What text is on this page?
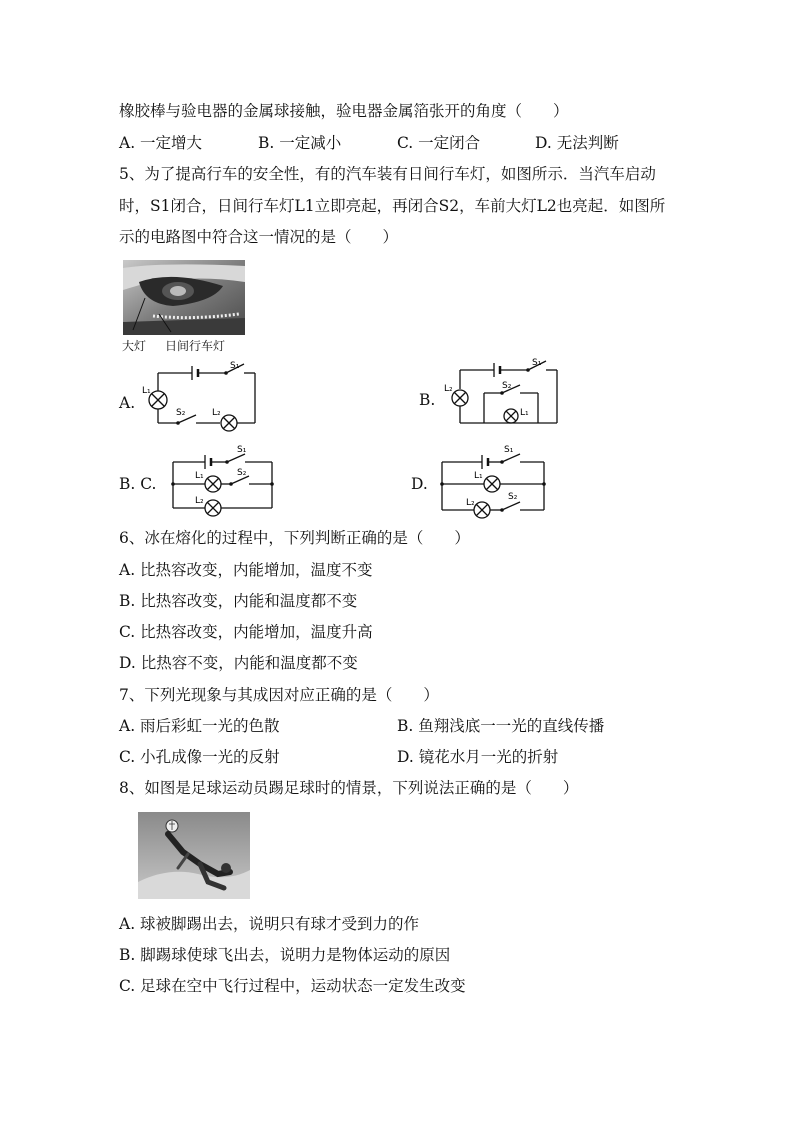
橡胶棒与验电器的金属球接触，验电器金属箔张开的角度（　　）
A. 一定增大	B. 一定减小	C. 一定闭合	D. 无法判断
5、为了提高行车的安全性，有的汽车装有日间行车灯，如图所示．当汽车启动
时，S1闭合，日间行车灯L1立即亮起，再闭合S2，车前大灯L2也亮起．如图所
示的电路图中符合这一情况的是（　　）
大灯 日间行车灯
A.
S₁
L₁
S₂	L₂
B.
S₁
L₂	S₂
L₁
B. C.
S₁
L₁	S₂
L₂
D.
S₁
L₁
L₂
S₂
6、冰在熔化的过程中，下列判断正确的是（　　）
A. 比热容改变，内能增加，温度不变
B. 比热容改变，内能和温度都不变
C. 比热容改变，内能增加，温度升高
D. 比热容不变，内能和温度都不变
7、下列光现象与其成因对应正确的是（　　）
A. 雨后彩虹一光的色散	B. 鱼翔浅底一一光的直线传播
C. 小孔成像一光的反射	D. 镜花水月一光的折射
8、如图是足球运动员踢足球时的情景，下列说法正确的是（　　）
A. 球被脚踢出去，说明只有球才受到力的作
B. 脚踢球使球飞出去，说明力是物体运动的原因
C. 足球在空中飞行过程中，运动状态一定发生改变
